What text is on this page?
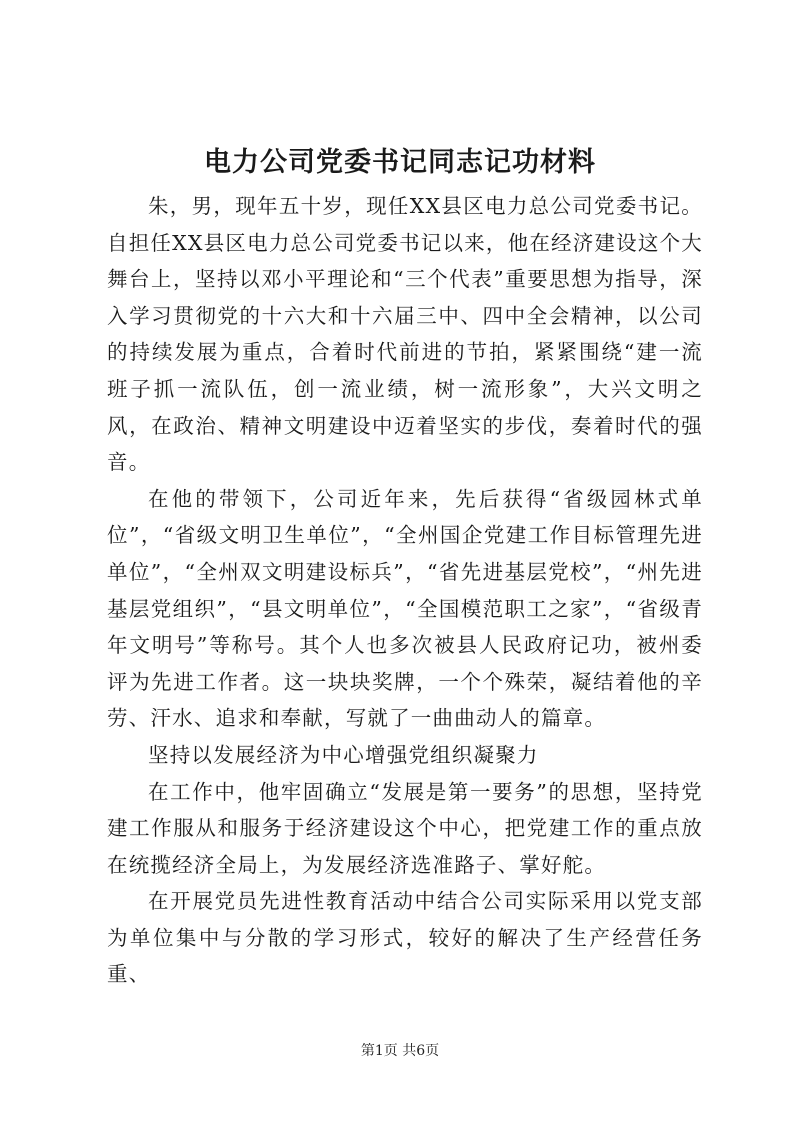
电力公司党委书记同志记功材料

朱，男，现年五十岁，现任XX县区电力总公司党委书记。自担任XX县区电力总公司党委书记以来，他在经济建设这个大舞台上，坚持以邓小平理论和“三个代表”重要思想为指导，深入学习贯彻党的十六大和十六届三中、四中全会精神，以公司的持续发展为重点，合着时代前进的节拍，紧紧围绕“建一流班子抓一流队伍，创一流业绩，树一流形象”，大兴文明之风，在政治、精神文明建设中迈着坚实的步伐，奏着时代的强音。

在他的带领下，公司近年来，先后获得“省级园林式单位”，“省级文明卫生单位”，“全州国企党建工作目标管理先进单位”，“全州双文明建设标兵”，“省先进基层党校”，“州先进基层党组织”，“县文明单位”，“全国模范职工之家”，“省级青年文明号”等称号。其个人也多次被县人民政府记功，被州委评为先进工作者。这一块块奖牌，一个个殊荣，凝结着他的辛劳、汗水、追求和奉献，写就了一曲曲动人的篇章。

坚持以发展经济为中心增强党组织凝聚力

在工作中，他牢固确立“发展是第一要务”的思想，坚持党建工作服从和服务于经济建设这个中心，把党建工作的重点放在统揽经济全局上，为发展经济选准路子、掌好舵。

在开展党员先进性教育活动中结合公司实际采用以党支部为单位集中与分散的学习形式，较好的解决了生产经营任务重、

第1页 共6页
